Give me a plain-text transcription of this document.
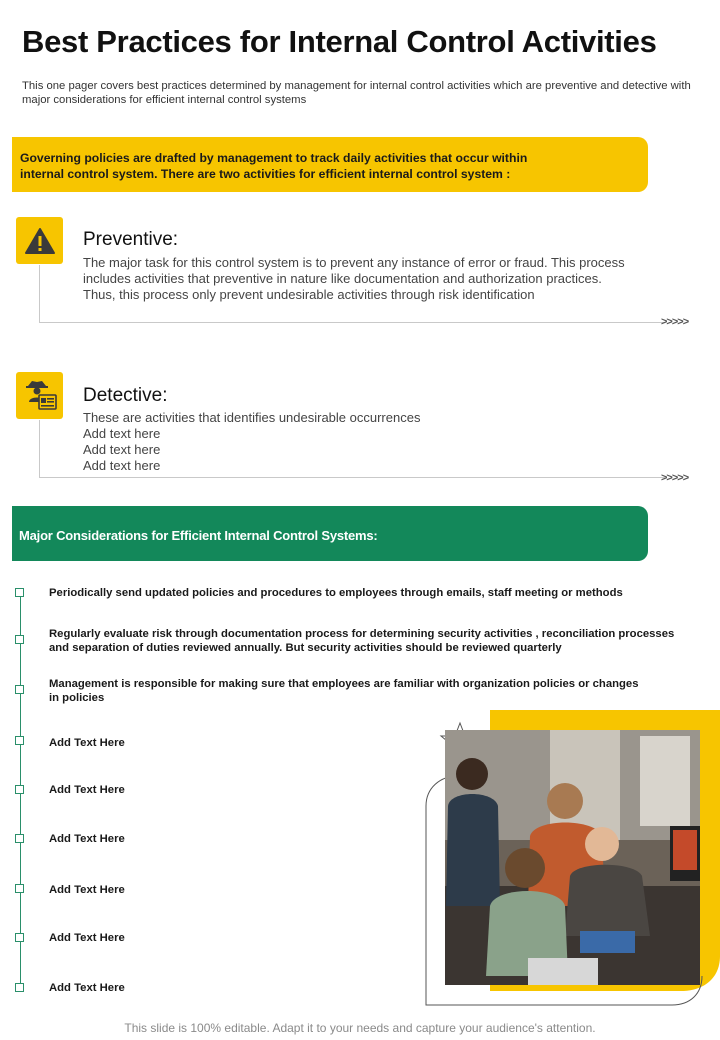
Best Practices for Internal Control Activities
This one pager covers best practices determined by management for internal control activities which are preventive and detective with major considerations for efficient internal control systems
Governing policies are drafted by management to track daily activities that occur within
internal control system. There are two activities for efficient internal control system :
Preventive:
The major task for this control system is to prevent any instance of error or fraud. This process
includes activities that preventive in nature like documentation and authorization practices.
Thus, this process only prevent undesirable activities through risk identification
>>>>>
Detective:
These are activities that identifies undesirable occurrences
Add text here
Add text here
Add text here
>>>>>
Major Considerations for Efficient Internal Control Systems:
Periodically send updated policies and procedures to employees through emails, staff meeting or methods
Regularly evaluate risk through documentation process for determining security activities , reconciliation processes and separation of duties reviewed annually. But security activities should be reviewed quarterly
Management is responsible for making sure that employees are familiar with organization policies or changes in policies
Add Text Here
Add Text Here
Add Text Here
Add Text Here
Add Text Here
Add Text Here
This slide is 100% editable. Adapt it to your needs and capture your audience's attention.
